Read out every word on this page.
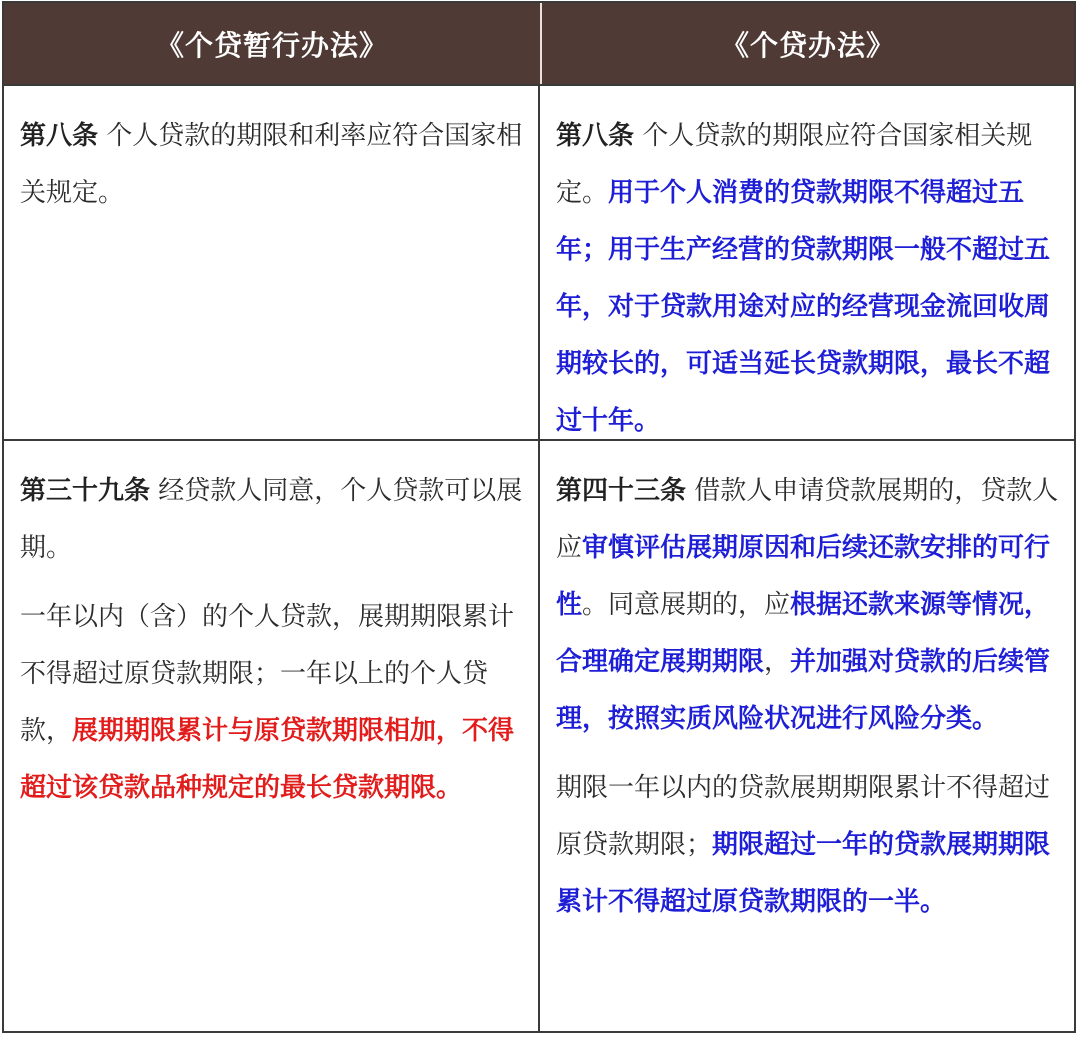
《个贷暂行办法》	《个贷办法》

第八条 个人贷款的期限和利率应符合国家相关规定。

第八条 个人贷款的期限应符合国家相关规定。用于个人消费的贷款期限不得超过五年；用于生产经营的贷款期限一般不超过五年，对于贷款用途对应的经营现金流回收周期较长的，可适当延长贷款期限，最长不超过十年。

第三十九条 经贷款人同意，个人贷款可以展期。

一年以内（含）的个人贷款，展期期限累计不得超过原贷款期限；一年以上的个人贷款，展期期限累计与原贷款期限相加，不得超过该贷款品种规定的最长贷款期限。

第四十三条 借款人申请贷款展期的，贷款人应审慎评估展期原因和后续还款安排的可行性。同意展期的，应根据还款来源等情况，合理确定展期期限，并加强对贷款的后续管理，按照实质风险状况进行风险分类。

期限一年以内的贷款展期期限累计不得超过原贷款期限；期限超过一年的贷款展期期限累计不得超过原贷款期限的一半。
